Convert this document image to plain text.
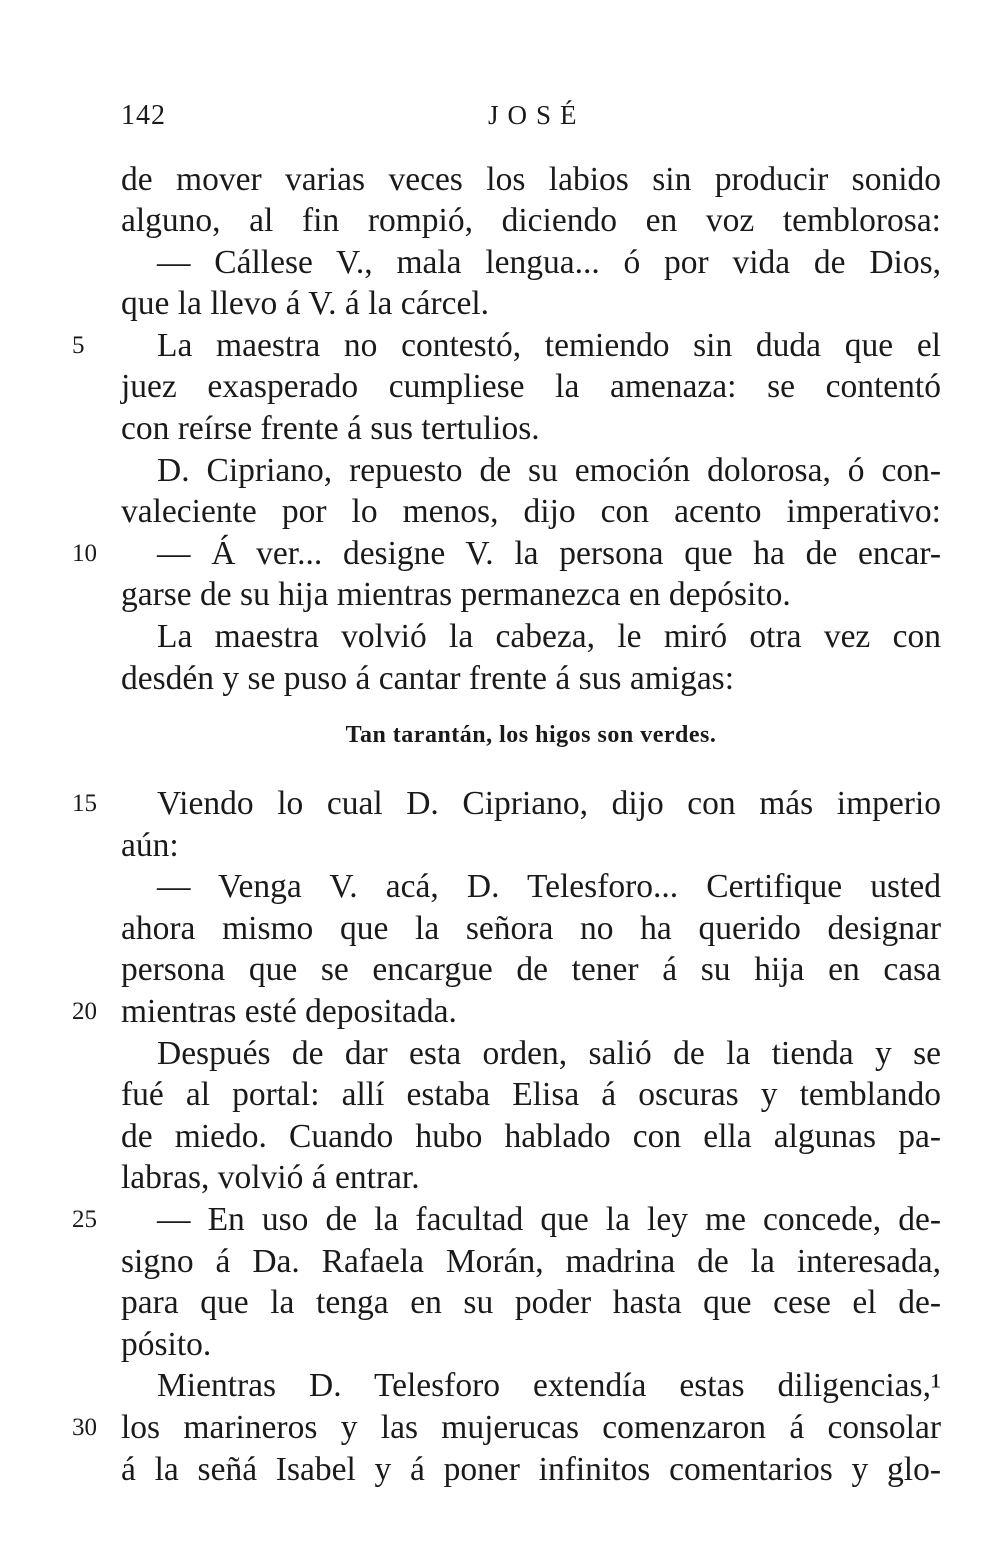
142	JOSÉ
de mover varias veces los labios sin producir sonido
alguno, al fin rompió, diciendo en voz temblorosa:
— Cállese V., mala lengua... ó por vida de Dios,
que la llevo á V. á la cárcel.
5	La maestra no contestó, temiendo sin duda que el
juez exasperado cumpliese la amenaza: se contentó
con reírse frente á sus tertulios.
D. Cipriano, repuesto de su emoción dolorosa, ó con-
valeciente por lo menos, dijo con acento imperativo:
10	— Á ver... designe V. la persona que ha de encar-
garse de su hija mientras permanezca en depósito.
La maestra volvió la cabeza, le miró otra vez con
desdén y se puso á cantar frente á sus amigas:
Tan tarantán, los higos son verdes.
15	Viendo lo cual D. Cipriano, dijo con más imperio
aún:
— Venga V. acá, D. Telesforo... Certifique usted
ahora mismo que la señora no ha querido designar
persona que se encargue de tener á su hija en casa
20 mientras esté depositada.
Después de dar esta orden, salió de la tienda y se
fué al portal: allí estaba Elisa á oscuras y temblando
de miedo. Cuando hubo hablado con ella algunas pa-
labras, volvió á entrar.
25	— En uso de la facultad que la ley me concede, de-
signo á Da. Rafaela Morán, madrina de la interesada,
para que la tenga en su poder hasta que cese el de-
pósito.
Mientras D. Telesforo extendía estas diligencias,¹
30 los marineros y las mujerucas comenzaron á consolar
á la señá Isabel y á poner infinitos comentarios y glo-
